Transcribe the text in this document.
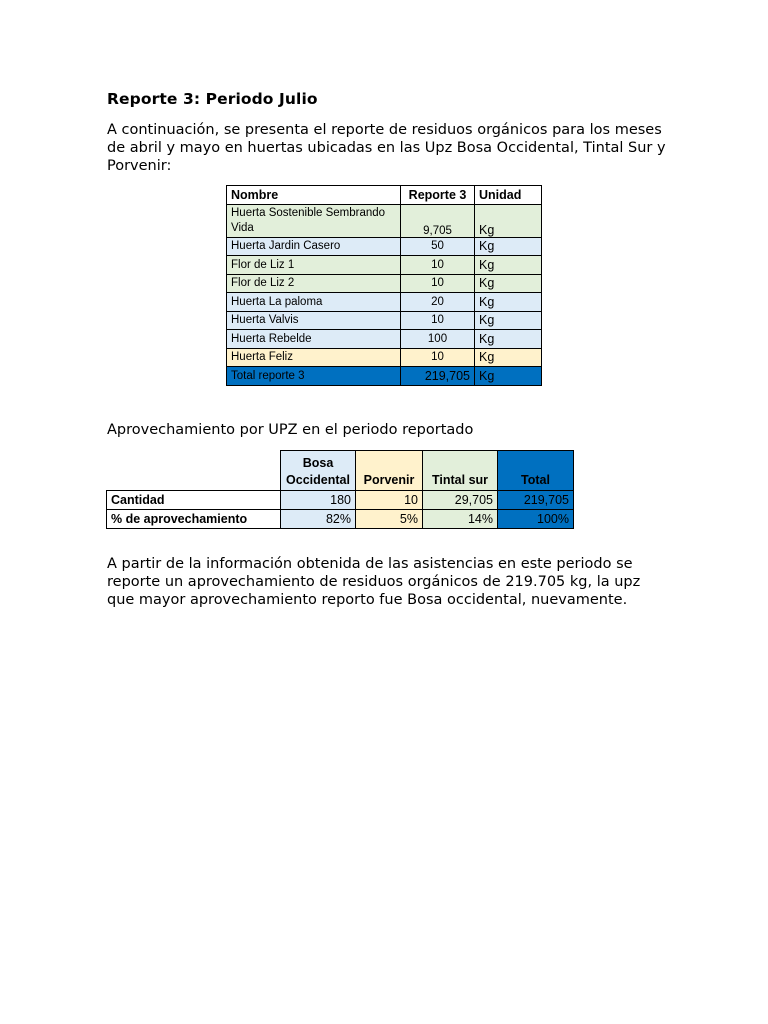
Reporte 3: Periodo Julio
A continuación, se presenta el reporte de residuos orgánicos para los meses de abril y mayo en huertas ubicadas en las Upz Bosa Occidental, Tintal Sur y Porvenir:
Nombre	Reporte 3	Unidad
Huerta Sostenible Sembrando Vida	9,705	Kg
Huerta Jardin Casero	50	Kg
Flor de Liz 1	10	Kg
Flor de Liz 2	10	Kg
Huerta La paloma	20	Kg
Huerta Valvis	10	Kg
Huerta Rebelde	100	Kg
Huerta Feliz	10	Kg
Total reporte 3	219,705	Kg
Aprovechamiento por UPZ en el periodo reportado
	Bosa Occidental	Porvenir	Tintal sur	Total
Cantidad	180	10	29,705	219,705
% de aprovechamiento	82%	5%	14%	100%
A partir de la información obtenida de las asistencias en este periodo se reporte un aprovechamiento de residuos orgánicos de 219.705 kg, la upz que mayor aprovechamiento reporto fue Bosa occidental, nuevamente.
